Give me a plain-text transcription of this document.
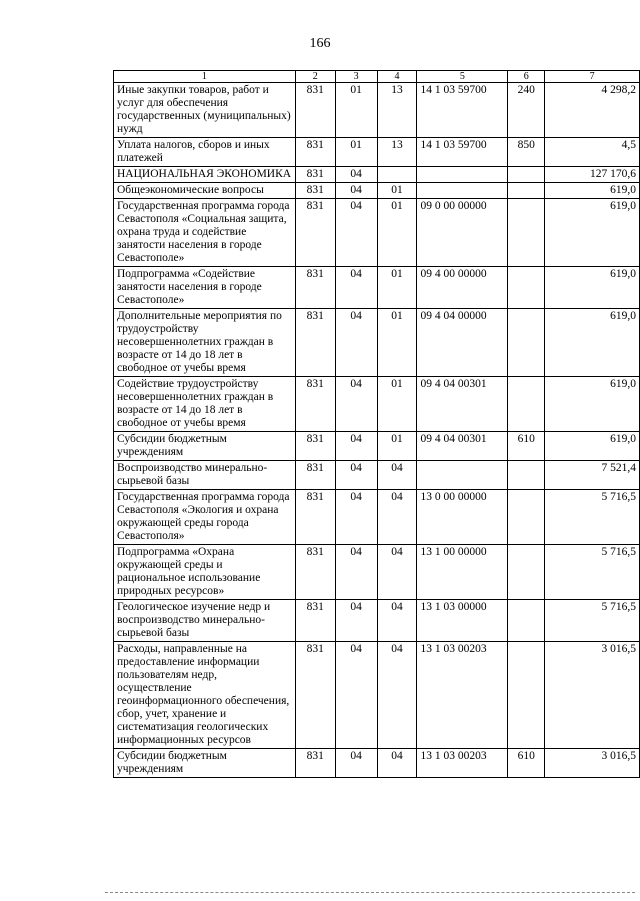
166
1	2	3	4	5	6	7
Иные закупки товаров, работ и услуг для обеспечения государственных (муниципальных) нужд	831	01	13	14 1 03 59700	240	4 298,2
Уплата налогов, сборов и иных платежей	831	01	13	14 1 03 59700	850	4,5
НАЦИОНАЛЬНАЯ ЭКОНОМИКА	831	04				127 170,6
Общеэкономические вопросы	831	04	01			619,0
Государственная программа города Севастополя «Социальная защита, охрана труда и содействие занятости населения в городе Севастополе»	831	04	01	09 0 00 00000		619,0
Подпрограмма «Содействие занятости населения в городе Севастополе»	831	04	01	09 4 00 00000		619,0
Дополнительные мероприятия по трудоустройству несовершеннолетних граждан в возрасте от 14 до 18 лет в свободное от учебы время	831	04	01	09 4 04 00000		619,0
Содействие трудоустройству несовершеннолетних граждан в возрасте от 14 до 18 лет в свободное от учебы время	831	04	01	09 4 04 00301		619,0
Субсидии бюджетным учреждениям	831	04	01	09 4 04 00301	610	619,0
Воспроизводство минерально-сырьевой базы	831	04	04			7 521,4
Государственная программа города Севастополя «Экология и охрана окружающей среды города Севастополя»	831	04	04	13 0 00 00000		5 716,5
Подпрограмма «Охрана окружающей среды и рациональное использование природных ресурсов»	831	04	04	13 1 00 00000		5 716,5
Геологическое изучение недр и воспроизводство минерально-сырьевой базы	831	04	04	13 1 03 00000		5 716,5
Расходы, направленные на предоставление информации пользователям недр, осуществление геоинформационного обеспечения, сбор, учет, хранение и систематизация геологических информационных ресурсов	831	04	04	13 1 03 00203		3 016,5
Субсидии бюджетным учреждениям	831	04	04	13 1 03 00203	610	3 016,5
